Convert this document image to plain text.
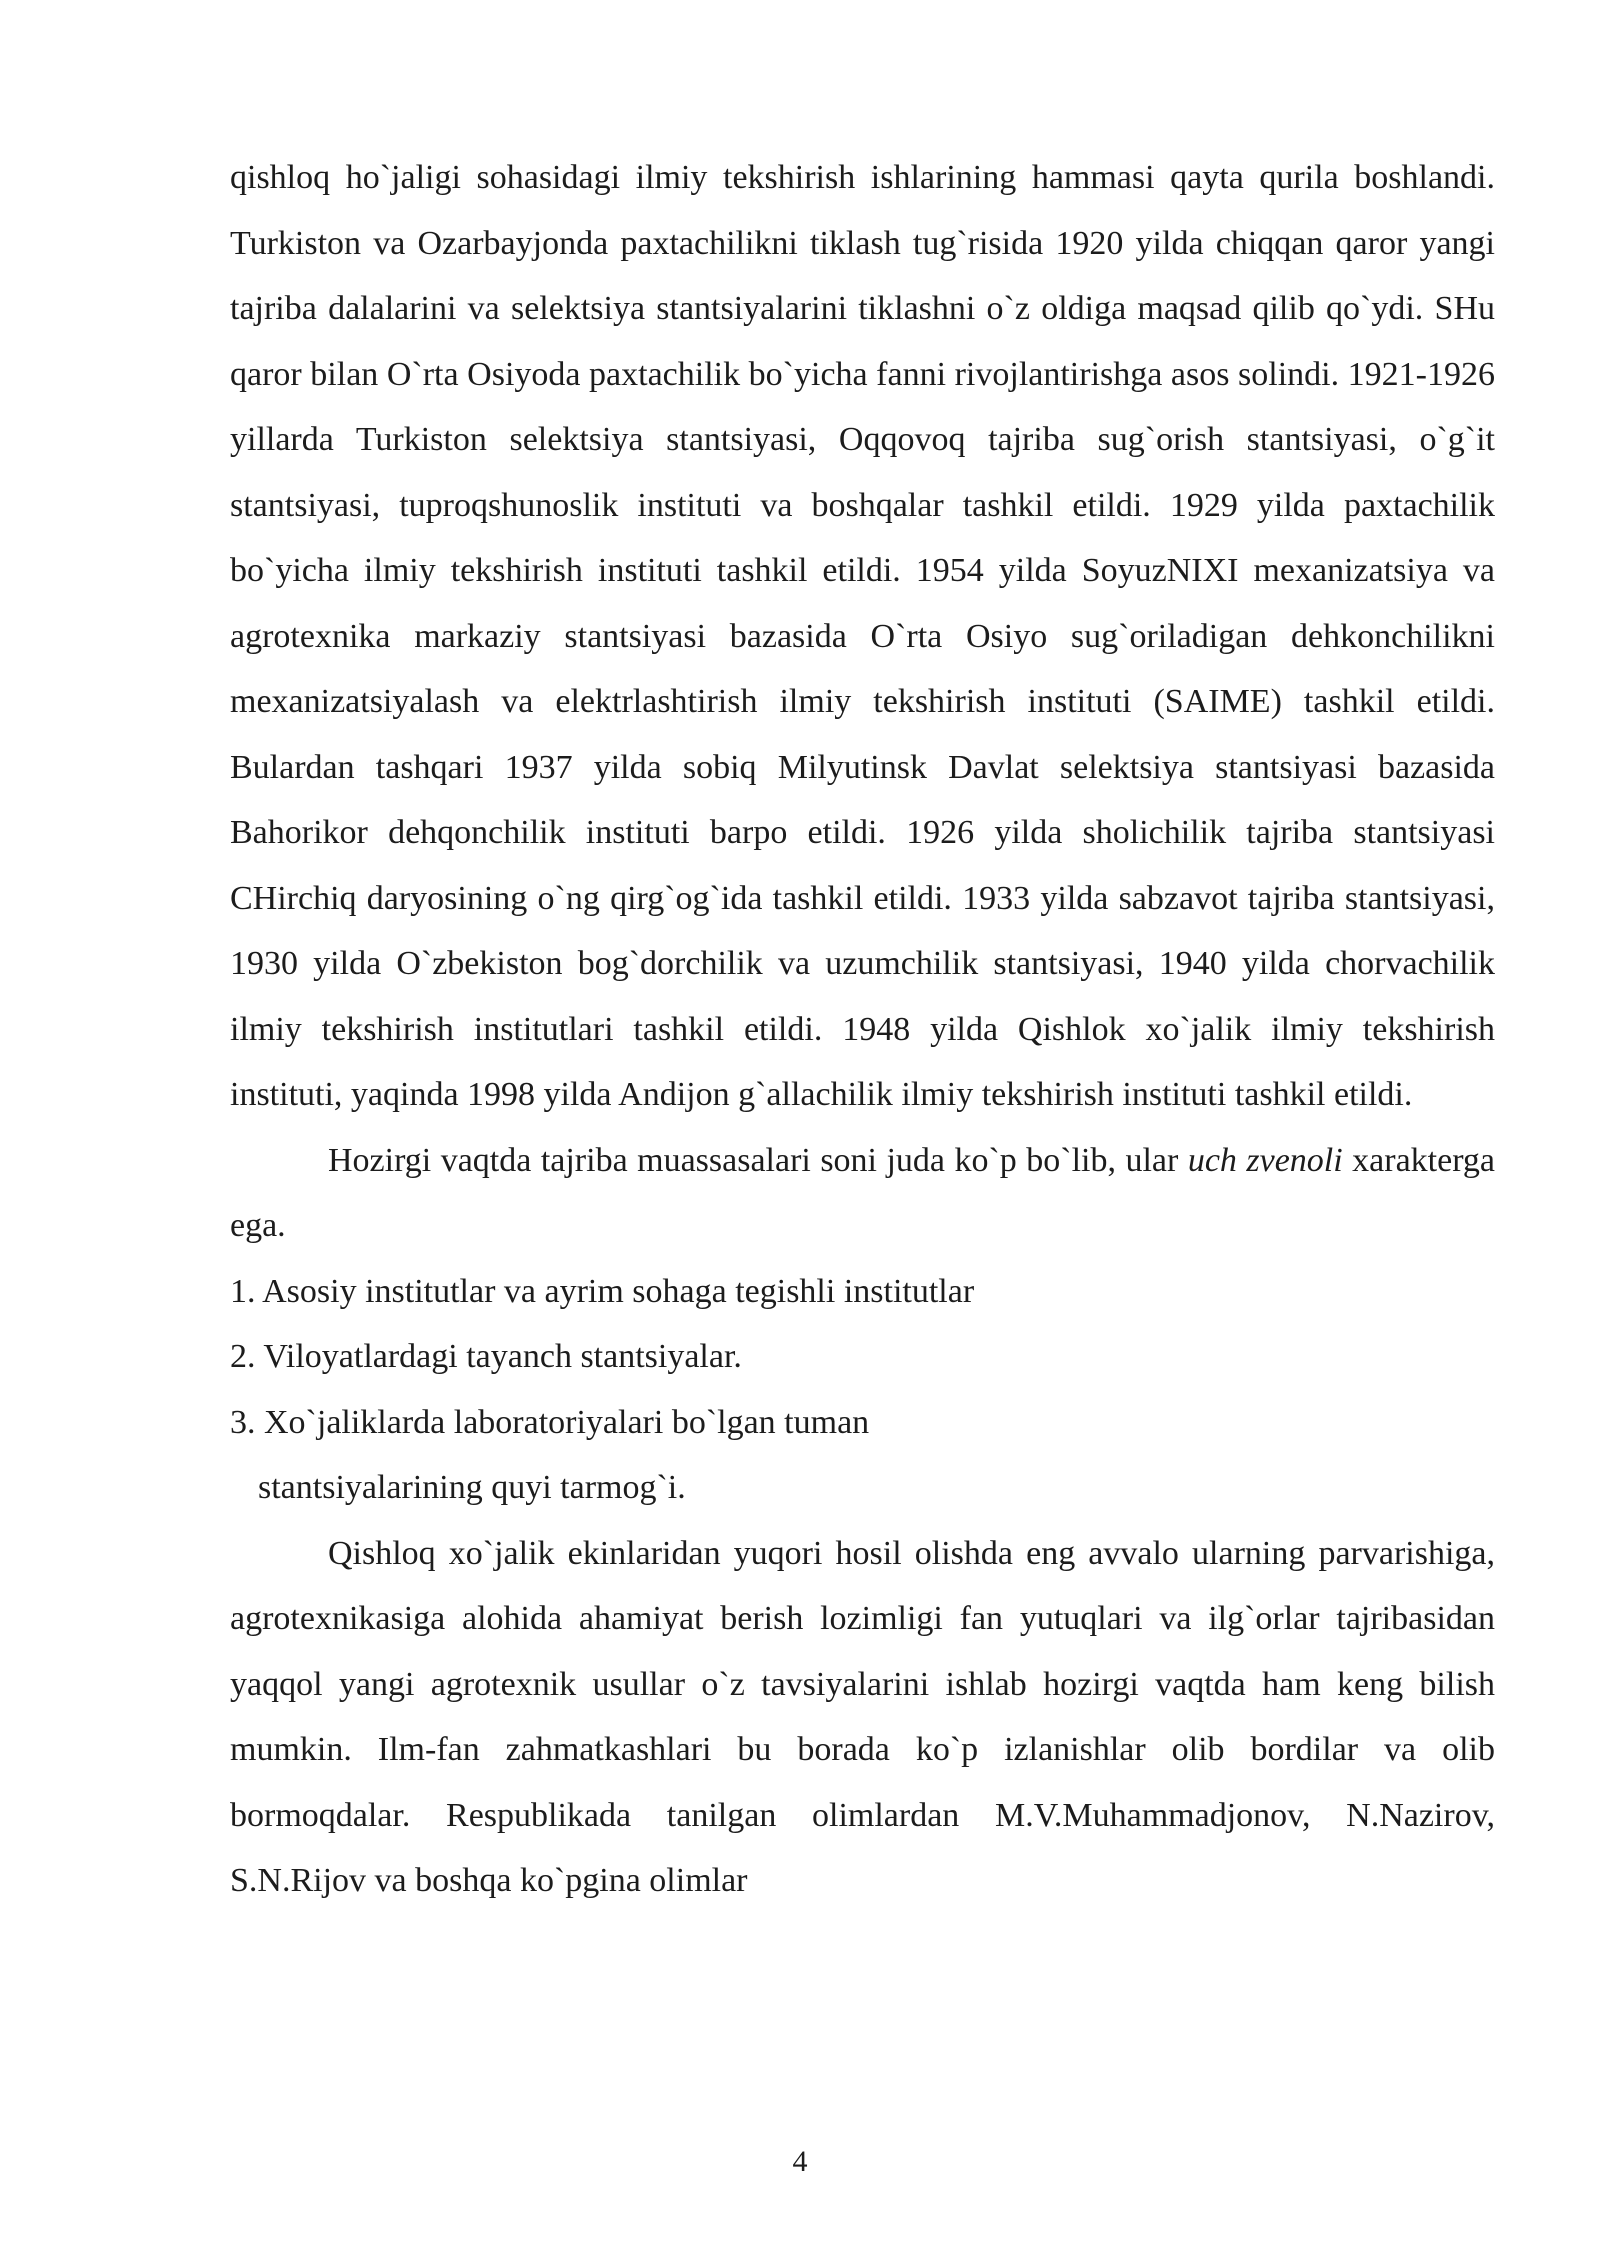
qishloq ho`jaligi sohasidagi ilmiy tekshirish ishlarining hammasi qayta qurila boshlandi. Turkiston va Ozarbayjonda paxtachilikni tiklash tug`risida 1920 yilda chiqqan qaror yangi tajriba dalalarini va selektsiya stantsiyalarini tiklashni o`z oldiga maqsad qilib qo`ydi. SHu qaror bilan O`rta Osiyoda paxtachilik bo`yicha fanni rivojlantirishga asos solindi. 1921-1926 yillarda Turkiston selektsiya stantsiyasi, Oqqovoq tajriba sug`orish stantsiyasi, o`g`it stantsiyasi, tuproqshunoslik instituti va boshqalar tashkil etildi. 1929 yilda paxtachilik bo`yicha ilmiy tekshirish instituti tashkil etildi. 1954 yilda SoyuzNIXI mexanizatsiya va agrotexnika markaziy stantsiyasi bazasida O`rta Osiyo sug`oriladigan dehkonchilikni mexanizatsiyalash va elektrlashtirish ilmiy tekshirish instituti (SAIME) tashkil etildi. Bulardan tashqari 1937 yilda sobiq Milyutinsk Davlat selektsiya stantsiyasi bazasida Bahorikor dehqonchilik instituti barpo etildi. 1926 yilda sholichilik tajriba stantsiyasi CHirchiq daryosining o`ng qirg`og`ida tashkil etildi. 1933 yilda sabzavot tajriba stantsiyasi, 1930 yilda O`zbekiston bog`dorchilik va uzumchilik stantsiyasi, 1940 yilda chorvachilik ilmiy tekshirish institutlari tashkil etildi. 1948 yilda Qishlok xo`jalik ilmiy tekshirish instituti, yaqinda 1998 yilda Andijon g`allachilik ilmiy tekshirish instituti tashkil etildi.

Hozirgi vaqtda tajriba muassasalari soni juda ko`p bo`lib, ular uch zvenoli xarakterga ega.

1. Asosiy institutlar va ayrim sohaga tegishli institutlar
2. Viloyatlardagi tayanch stantsiyalar.
3. Xo`jaliklarda laboratoriyalari bo`lgan tuman
stantsiyalarining quyi tarmog`i.

Qishloq xo`jalik ekinlaridan yuqori hosil olishda eng avvalo ularning parvarishiga, agrotexnikasiga alohida ahamiyat berish lozimligi fan yutuqlari va ilg`orlar tajribasidan yaqqol yangi agrotexnik usullar o`z tavsiyalarini ishlab hozirgi vaqtda ham keng bilish mumkin. Ilm-fan zahmatkashlari bu borada ko`p izlanishlar olib bordilar va olib bormoqdalar. Respublikada tanilgan olimlardan M.V.Muhammadjonov, N.Nazirov, S.N.Rijov va boshqa ko`pgina olimlar

4
